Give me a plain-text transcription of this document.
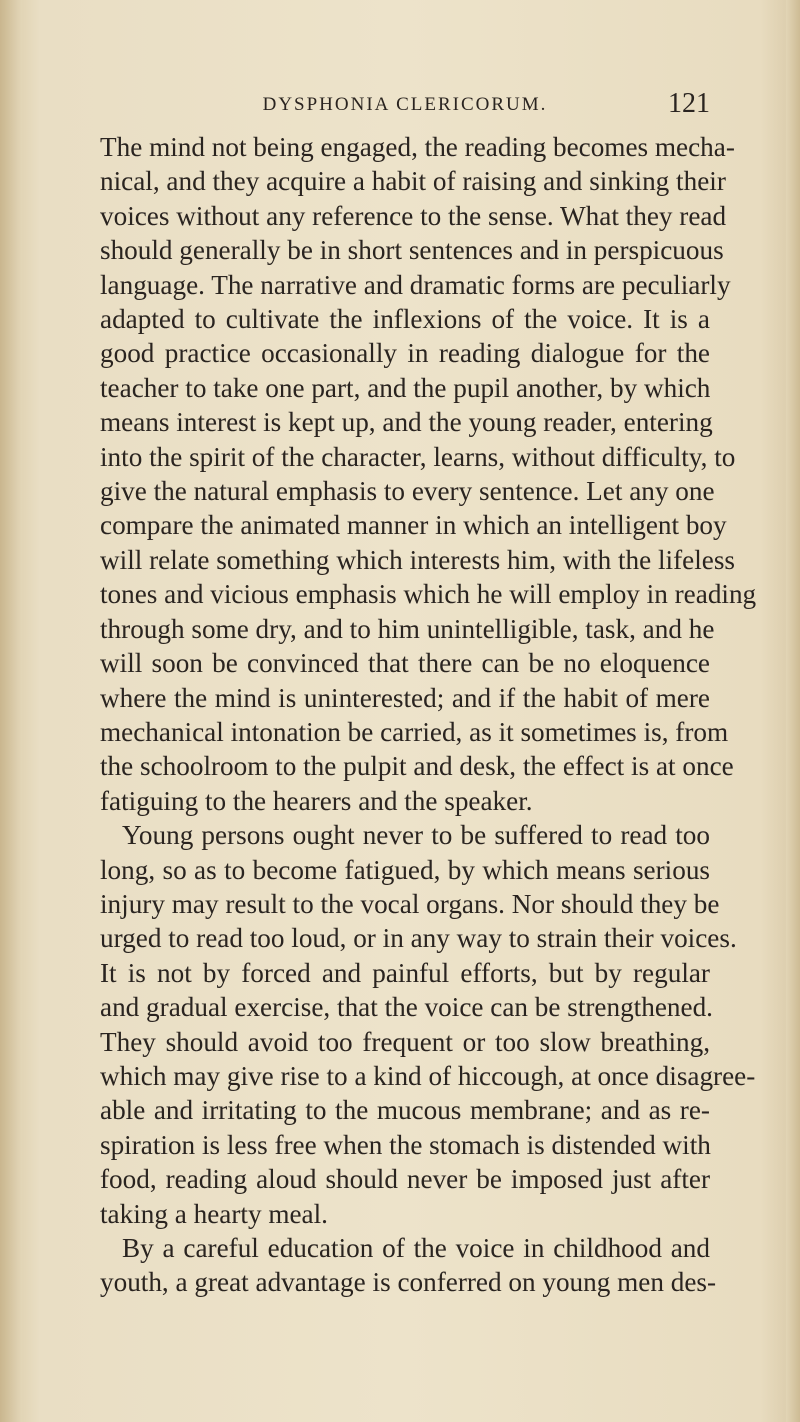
DYSPHONIA CLERICORUM.	121
The mind not being engaged, the reading becomes mecha-
nical, and they acquire a habit of raising and sinking their
voices without any reference to the sense. What they read
should generally be in short sentences and in perspicuous
language. The narrative and dramatic forms are peculiarly
adapted to cultivate the inflexions of the voice. It is a
good practice occasionally in reading dialogue for the
teacher to take one part, and the pupil another, by which
means interest is kept up, and the young reader, entering
into the spirit of the character, learns, without difficulty, to
give the natural emphasis to every sentence. Let any one
compare the animated manner in which an intelligent boy
will relate something which interests him, with the lifeless
tones and vicious emphasis which he will employ in reading
through some dry, and to him unintelligible, task, and he
will soon be convinced that there can be no eloquence
where the mind is uninterested; and if the habit of mere
mechanical intonation be carried, as it sometimes is, from
the schoolroom to the pulpit and desk, the effect is at once
fatiguing to the hearers and the speaker.
Young persons ought never to be suffered to read too
long, so as to become fatigued, by which means serious
injury may result to the vocal organs. Nor should they be
urged to read too loud, or in any way to strain their voices.
It is not by forced and painful efforts, but by regular
and gradual exercise, that the voice can be strengthened.
They should avoid too frequent or too slow breathing,
which may give rise to a kind of hiccough, at once disagree-
able and irritating to the mucous membrane; and as re-
spiration is less free when the stomach is distended with
food, reading aloud should never be imposed just after
taking a hearty meal.
By a careful education of the voice in childhood and
youth, a great advantage is conferred on young men des-
